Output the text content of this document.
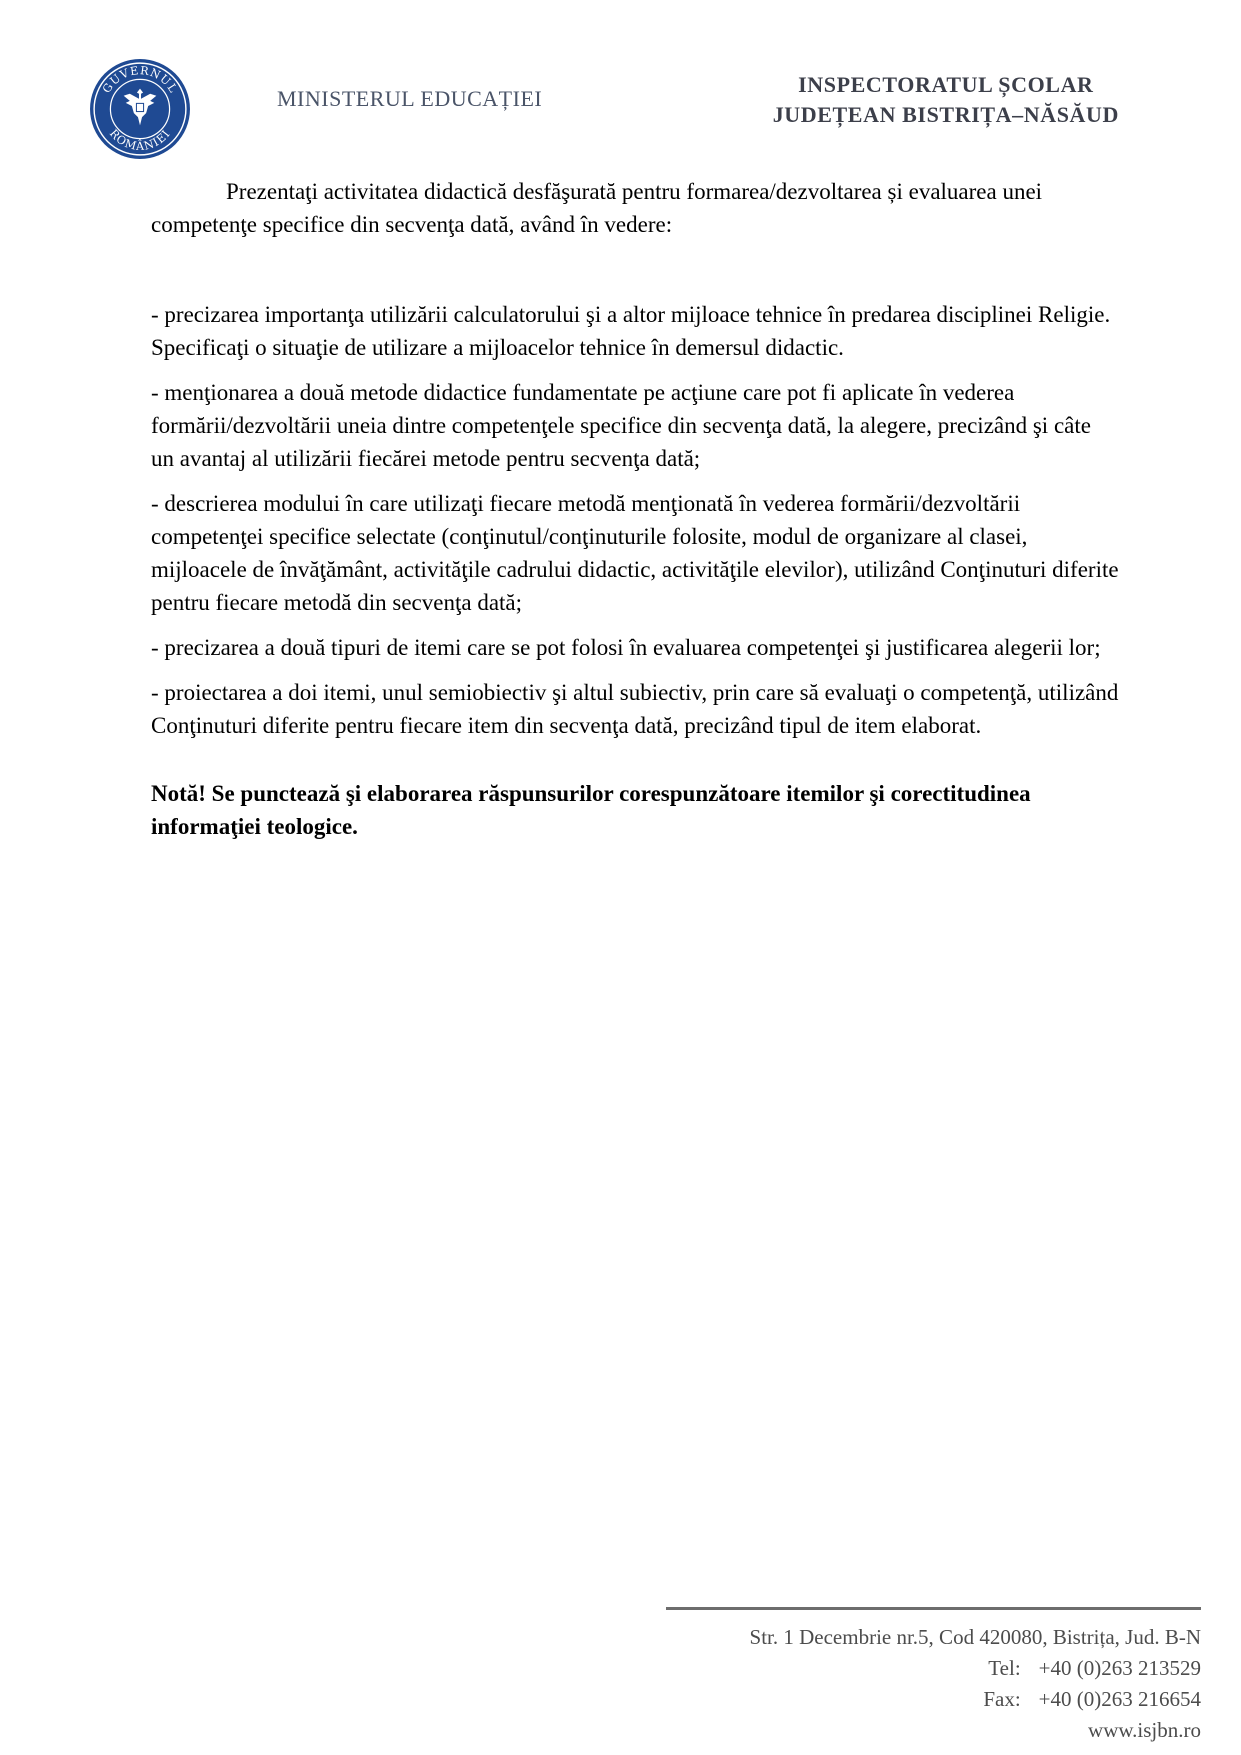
GUVERNUL
ROMÂNIEI
MINISTERUL EDUCAȚIEI
INSPECTORATUL ȘCOLAR
JUDEȚEAN BISTRIȚA–NĂSĂUD

Prezentaţi activitatea didactică desfăşurată pentru formarea/dezvoltarea și evaluarea unei competenţe specifice din secvenţa dată, având în vedere:

- precizarea importanţa utilizării calculatorului şi a altor mijloace tehnice în predarea disciplinei Religie. Specificaţi o situaţie de utilizare a mijloacelor tehnice în demersul didactic.

- menţionarea a două metode didactice fundamentate pe acţiune care pot fi aplicate în vederea formării/dezvoltării uneia dintre competenţele specifice din secvenţa dată, la alegere, precizând şi câte un avantaj al utilizării fiecărei metode pentru secvenţa dată;

- descrierea modului în care utilizaţi fiecare metodă menţionată în vederea formării/dezvoltării competenţei specifice selectate (conţinutul/conţinuturile folosite, modul de organizare al clasei, mijloacele de învăţământ, activităţile cadrului didactic, activităţile elevilor), utilizând Conţinuturi diferite pentru fiecare metodă din secvenţa dată;

- precizarea a două tipuri de itemi care se pot folosi în evaluarea competenţei şi justificarea alegerii lor;

- proiectarea a doi itemi, unul semiobiectiv şi altul subiectiv, prin care să evaluaţi o competenţă, utilizând Conţinuturi diferite pentru fiecare item din secvenţa dată, precizând tipul de item elaborat.

Notă! Se punctează şi elaborarea răspunsurilor corespunzătoare itemilor şi corectitudinea informaţiei teologice.

Str. 1 Decembrie nr.5, Cod 420080, Bistrița, Jud. B-N
Tel: +40 (0)263 213529
Fax: +40 (0)263 216654
www.isjbn.ro
